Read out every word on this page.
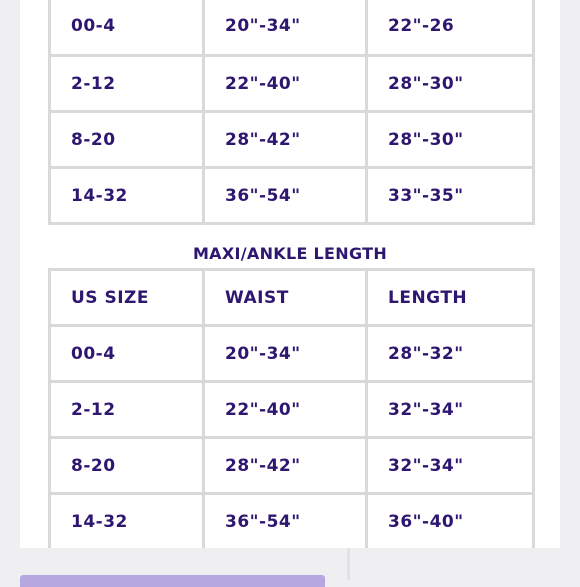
00-4	20"-34"	22"-26
2-12	22"-40"	28"-30"
8-20	28"-42"	28"-30"
14-32	36"-54"	33"-35"
MAXI/ANKLE LENGTH
US SIZE	WAIST	LENGTH
00-4	20"-34"	28"-32"
2-12	22"-40"	32"-34"
8-20	28"-42"	32"-34"
14-32	36"-54"	36"-40"
